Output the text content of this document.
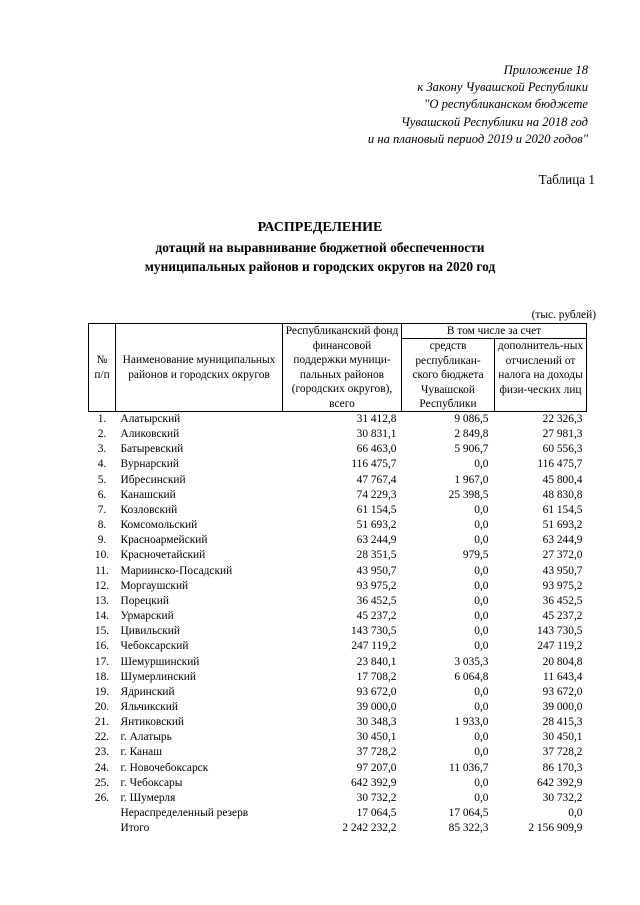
Приложение 18
к Закону Чувашской Республики
"О республиканском бюджете
Чувашской Республики на 2018 год
и на плановый период 2019 и 2020 годов"
Таблица 1
РАСПРЕДЕЛЕНИЕ
дотаций на выравнивание бюджетной обеспеченности
муниципальных районов и городских округов на 2020 год
(тыс. рублей)
№ п/п	Наименование муниципальных районов и городских округов	Республиканский фонд финансовой поддержки муници-пальных районов (городских округов), всего	В том числе за счет	

			средств республикан-ского бюджета Чувашской Республики	дополнитель-ных отчислений от налога на доходы физи-ческих лиц

1.	Алатырский	31 412,8	9 086,5	22 326,3
2.	Аликовский	30 831,1	2 849,8	27 981,3
3.	Батыревский	66 463,0	5 906,7	60 556,3
4.	Вурнарский	116 475,7	0,0	116 475,7
5.	Ибресинский	47 767,4	1 967,0	45 800,4
6.	Канашский	74 229,3	25 398,5	48 830,8
7.	Козловский	61 154,5	0,0	61 154,5
8.	Комсомольский	51 693,2	0,0	51 693,2
9.	Красноармейский	63 244,9	0,0	63 244,9
10.	Красночетайский	28 351,5	979,5	27 372,0
11.	Мариинско-Посадский	43 950,7	0,0	43 950,7
12.	Моргаушский	93 975,2	0,0	93 975,2
13.	Порецкий	36 452,5	0,0	36 452,5
14.	Урмарский	45 237,2	0,0	45 237,2
15.	Цивильский	143 730,5	0,0	143 730,5
16.	Чебоксарский	247 119,2	0,0	247 119,2
17.	Шемуршинский	23 840,1	3 035,3	20 804,8
18.	Шумерлинский	17 708,2	6 064,8	11 643,4
19.	Ядринский	93 672,0	0,0	93 672,0
20.	Яльчикский	39 000,0	0,0	39 000,0
21.	Янтиковский	30 348,3	1 933,0	28 415,3
22.	г. Алатырь	30 450,1	0,0	30 450,1
23.	г. Канаш	37 728,2	0,0	37 728,2
24.	г. Новочебоксарск	97 207,0	11 036,7	86 170,3
25.	г. Чебоксары	642 392,9	0,0	642 392,9
26.	г. Шумерля	30 732,2	0,0	30 732,2
	Нераспределенный резерв	17 064,5	17 064,5	0,0
	Итого	2 242 232,2	85 322,3	2 156 909,9
